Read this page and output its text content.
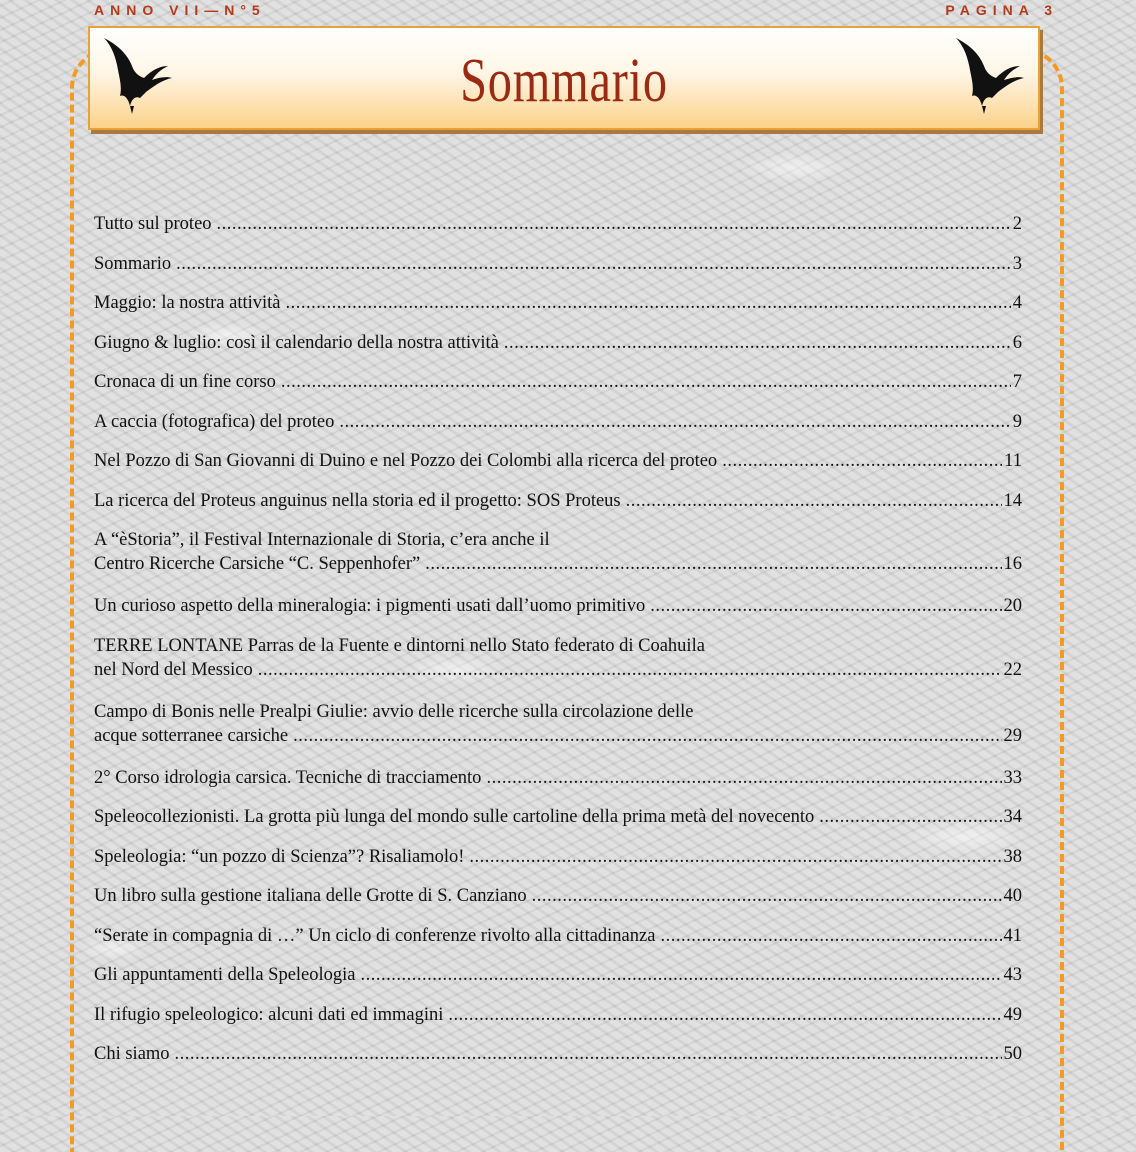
ANNO VII—N°5	PAGINA 3
Sommario
Tutto sul proteo .....	2
Sommario .....	3
Maggio: la nostra attività .....	4
Giugno & luglio: così il calendario della nostra attività .....	6
Cronaca di un fine corso .....	7
A caccia (fotografica) del proteo .....	9
Nel Pozzo di San Giovanni di Duino e nel Pozzo dei Colombi alla ricerca del proteo .....	11
La ricerca del Proteus anguinus nella storia ed il progetto: SOS Proteus .....	14
A “èStoria”, il Festival Internazionale di Storia, c’era anche il
Centro Ricerche Carsiche “C. Seppenhofer” .....	16
Un curioso aspetto della mineralogia: i pigmenti usati dall’uomo primitivo .....	20
TERRE LONTANE Parras de la Fuente e dintorni nello Stato federato di Coahuila
nel Nord del Messico .....	22
Campo di Bonis nelle Prealpi Giulie: avvio delle ricerche sulla circolazione delle
acque sotterranee carsiche .....	29
2° Corso idrologia carsica. Tecniche di tracciamento .....	33
Speleocollezionisti. La grotta più lunga del mondo sulle cartoline della prima metà del novecento .....	34
Speleologia: “un pozzo di Scienza”? Risaliamolo! .....	38
Un libro sulla gestione italiana delle Grotte di S. Canziano .....	40
“Serate in compagnia di …” Un ciclo di conferenze rivolto alla cittadinanza .....	41
Gli appuntamenti della Speleologia .....	43
Il rifugio speleologico: alcuni dati ed immagini .....	49
Chi siamo .....	50
